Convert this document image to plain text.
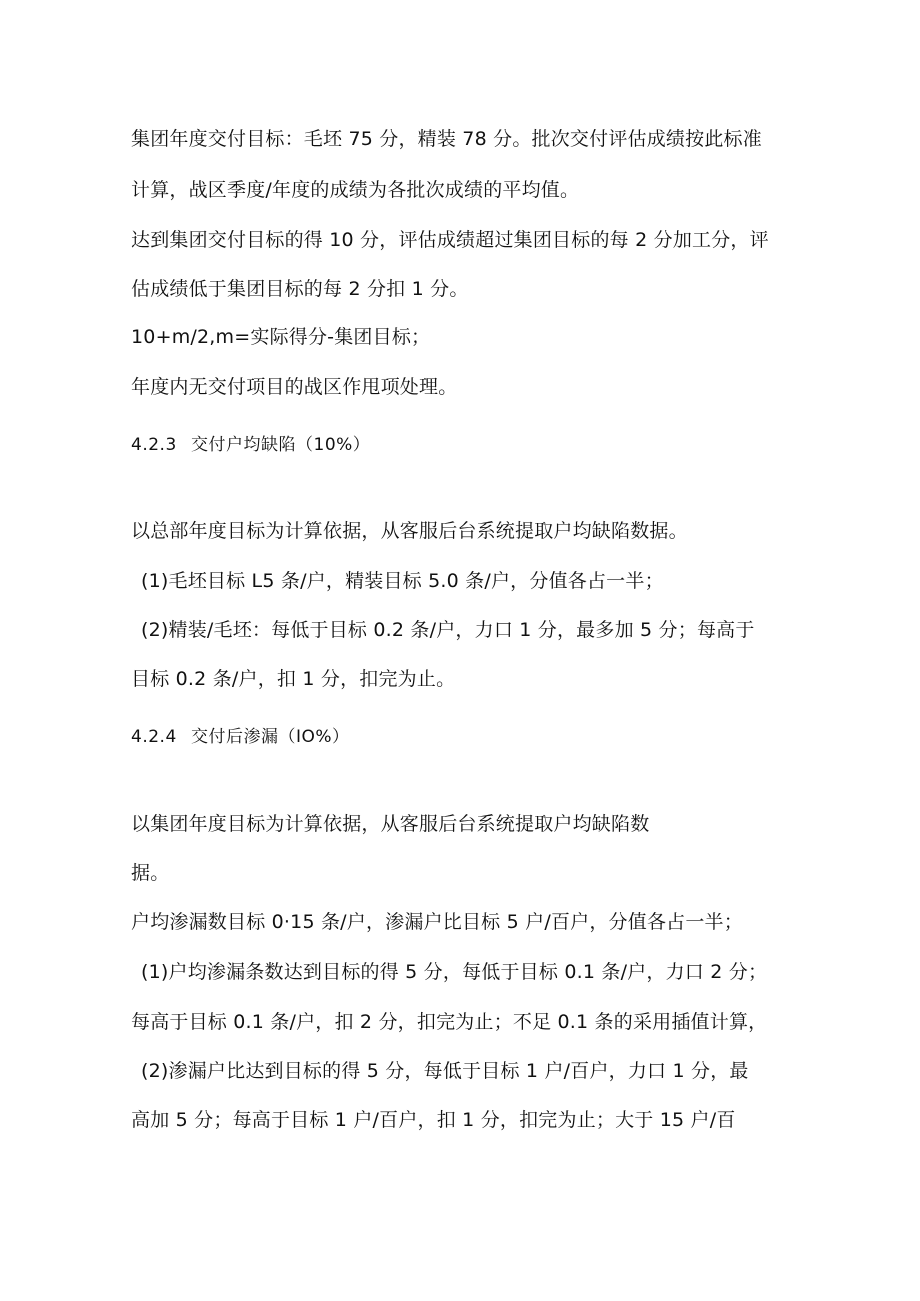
集团年度交付目标：毛坯 75 分，精装 78 分。批次交付评估成绩按此标准
计算，战区季度/年度的成绩为各批次成绩的平均值。
达到集团交付目标的得 10 分，评估成绩超过集团目标的每 2 分加工分，评
估成绩低于集团目标的每 2 分扣 1 分。
10+m/2,m=实际得分-集团目标；
年度内无交付项目的战区作甩项处理。
4.2.3 交付户均缺陷（10%）
以总部年度目标为计算依据，从客服后台系统提取户均缺陷数据。
(1)毛坯目标 L5 条/户，精装目标 5.0 条/户，分值各占一半；
(2)精装/毛坯：每低于目标 0.2 条/户，力口 1 分，最多加 5 分；每高于
目标 0.2 条/户，扣 1 分，扣完为止。
4.2.4 交付后渗漏（IO%）
以集团年度目标为计算依据，从客服后台系统提取户均缺陷数
据。
户均渗漏数目标 0·15 条/户，渗漏户比目标 5 户/百户，分值各占一半；
(1)户均渗漏条数达到目标的得 5 分，每低于目标 0.1 条/户，力口 2 分；
每高于目标 0.1 条/户，扣 2 分，扣完为止；不足 0.1 条的采用插值计算，
(2)渗漏户比达到目标的得 5 分，每低于目标 1 户/百户，力口 1 分，最
高加 5 分；每高于目标 1 户/百户，扣 1 分，扣完为止；大于 15 户/百
